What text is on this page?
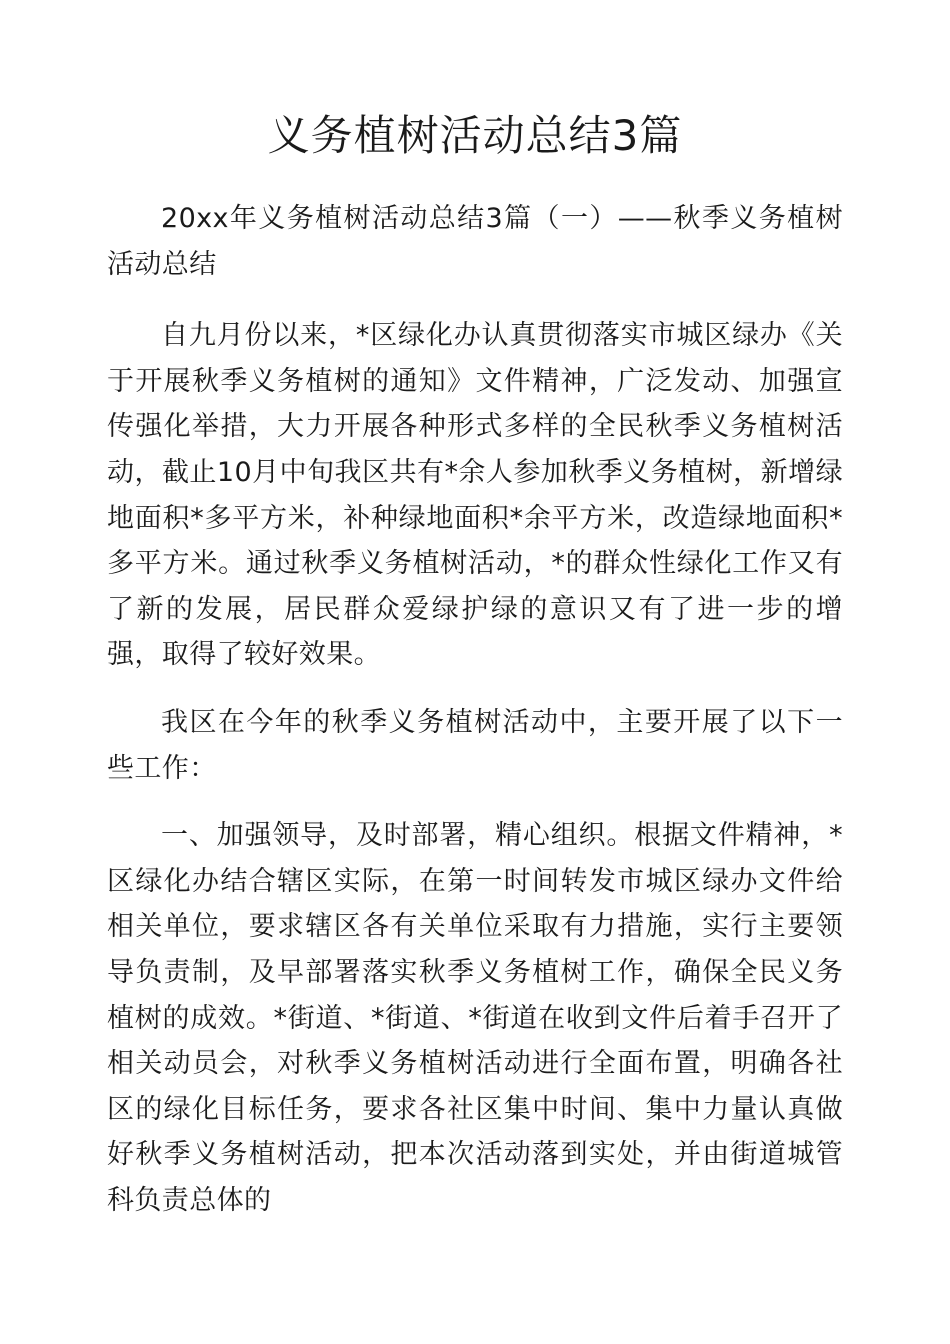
义务植树活动总结3篇

20xx年义务植树活动总结3篇（一）——秋季义务植树活动总结

自九月份以来，*区绿化办认真贯彻落实市城区绿办《关于开展秋季义务植树的通知》文件精神，广泛发动、加强宣传强化举措，大力开展各种形式多样的全民秋季义务植树活动，截止10月中旬我区共有*余人参加秋季义务植树，新增绿地面积*多平方米，补种绿地面积*余平方米，改造绿地面积*多平方米。通过秋季义务植树活动，*的群众性绿化工作又有了新的发展，居民群众爱绿护绿的意识又有了进一步的增强，取得了较好效果。

我区在今年的秋季义务植树活动中，主要开展了以下一些工作：

一、加强领导，及时部署，精心组织。根据文件精神，*区绿化办结合辖区实际，在第一时间转发市城区绿办文件给相关单位，要求辖区各有关单位采取有力措施，实行主要领导负责制，及早部署落实秋季义务植树工作，确保全民义务植树的成效。*街道、*街道、*街道在收到文件后着手召开了相关动员会，对秋季义务植树活动进行全面布置，明确各社区的绿化目标任务，要求各社区集中时间、集中力量认真做好秋季义务植树活动，把本次活动落到实处，并由街道城管科负责总体的
